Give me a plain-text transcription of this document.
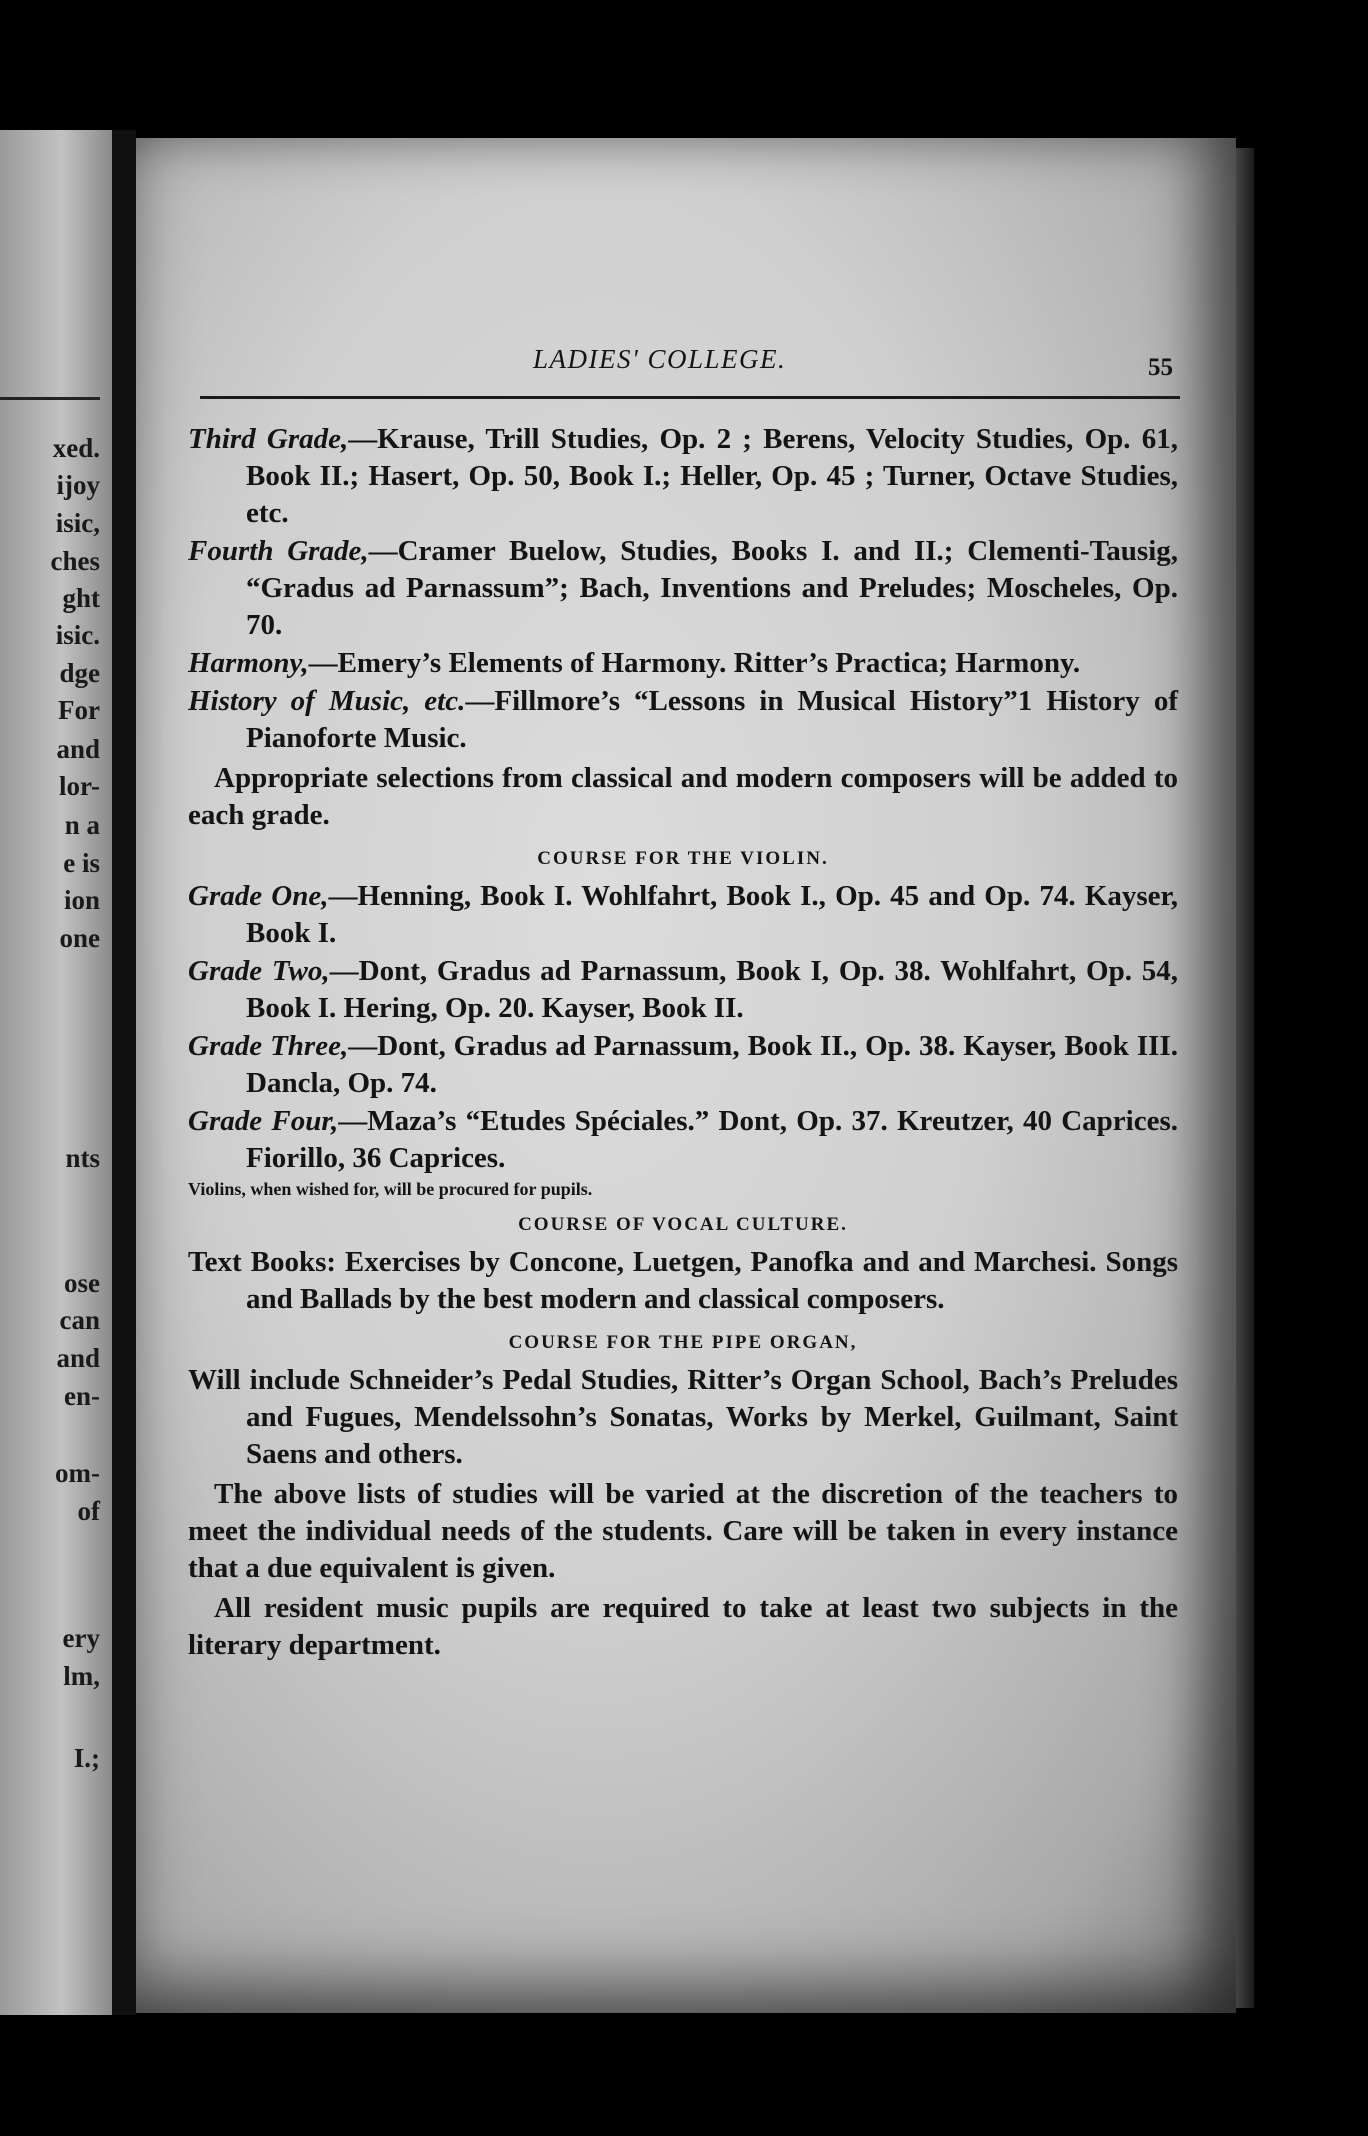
xed.
ijoy
isic,
ches
ght
isic.
dge
For
and
lor-
n a
e is
ion
one
nts
ose
can
and
en-
om-
of
ery
lm,
I.;
LADIES' COLLEGE.	55

Third Grade,—Krause, Trill Studies, Op. 2 ; Berens, Velocity Studies, Op. 61, Book II.; Hasert, Op. 50, Book I.; Heller, Op. 45 ; Turner, Octave Studies, etc.

Fourth Grade,—Cramer Buelow, Studies, Books I. and II.; Clementi-Tausig, “Gradus ad Parnassum”; Bach, Inventions and Preludes; Moscheles, Op. 70.

Harmony,—Emery’s Elements of Harmony. Ritter’s Practica; Harmony.

History of Music, etc.—Fillmore’s “Lessons in Musical History”1 History of Pianoforte Music.

Appropriate selections from classical and modern composers will be added to each grade.

COURSE FOR THE VIOLIN.

Grade One,—Henning, Book I. Wohlfahrt, Book I., Op. 45 and Op. 74. Kayser, Book I.

Grade Two,—Dont, Gradus ad Parnassum, Book I, Op. 38. Wohlfahrt, Op. 54, Book I. Hering, Op. 20. Kayser, Book II.

Grade Three,—Dont, Gradus ad Parnassum, Book II., Op. 38. Kayser, Book III. Dancla, Op. 74.

Grade Four,—Maza’s “Etudes Spéciales.” Dont, Op. 37. Kreutzer, 40 Caprices. Fiorillo, 36 Caprices.

Violins, when wished for, will be procured for pupils.
COURSE OF VOCAL CULTURE.

Text Books: Exercises by Concone, Luetgen, Panofka and and Marchesi. Songs and Ballads by the best modern and classical composers.

COURSE FOR THE PIPE ORGAN,

Will include Schneider’s Pedal Studies, Ritter’s Organ School, Bach’s Preludes and Fugues, Mendelssohn’s Sonatas, Works by Merkel, Guilmant, Saint Saens and others.

The above lists of studies will be varied at the discretion of the teachers to meet the individual needs of the students. Care will be taken in every instance that a due equivalent is given.

All resident music pupils are required to take at least two subjects in the literary department.
